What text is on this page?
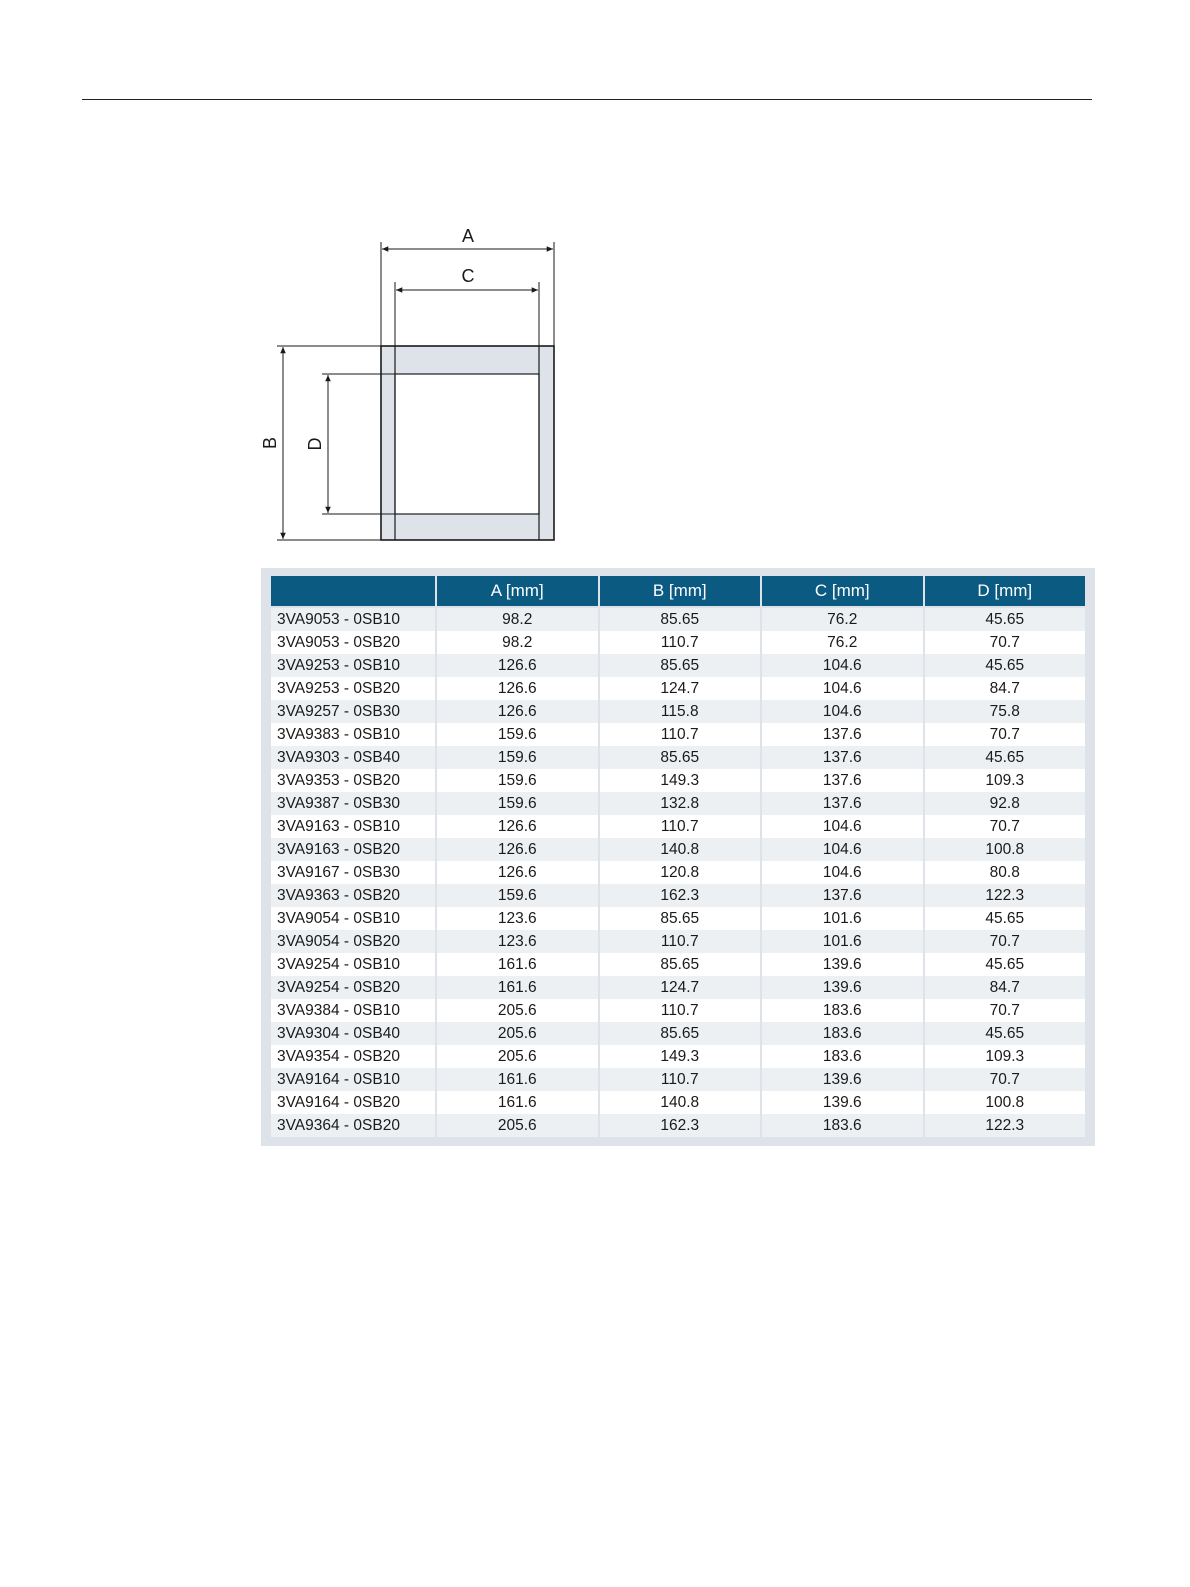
A
C
B D
	A [mm]	B [mm]	C [mm]	D [mm]
3VA9053 - 0SB10	98.2	85.65	76.2	45.65
3VA9053 - 0SB20	98.2	110.7	76.2	70.7
3VA9253 - 0SB10	126.6	85.65	104.6	45.65
3VA9253 - 0SB20	126.6	124.7	104.6	84.7
3VA9257 - 0SB30	126.6	115.8	104.6	75.8
3VA9383 - 0SB10	159.6	110.7	137.6	70.7
3VA9303 - 0SB40	159.6	85.65	137.6	45.65
3VA9353 - 0SB20	159.6	149.3	137.6	109.3
3VA9387 - 0SB30	159.6	132.8	137.6	92.8
3VA9163 - 0SB10	126.6	110.7	104.6	70.7
3VA9163 - 0SB20	126.6	140.8	104.6	100.8
3VA9167 - 0SB30	126.6	120.8	104.6	80.8
3VA9363 - 0SB20	159.6	162.3	137.6	122.3
3VA9054 - 0SB10	123.6	85.65	101.6	45.65
3VA9054 - 0SB20	123.6	110.7	101.6	70.7
3VA9254 - 0SB10	161.6	85.65	139.6	45.65
3VA9254 - 0SB20	161.6	124.7	139.6	84.7
3VA9384 - 0SB10	205.6	110.7	183.6	70.7
3VA9304 - 0SB40	205.6	85.65	183.6	45.65
3VA9354 - 0SB20	205.6	149.3	183.6	109.3
3VA9164 - 0SB10	161.6	110.7	139.6	70.7
3VA9164 - 0SB20	161.6	140.8	139.6	100.8
3VA9364 - 0SB20	205.6	162.3	183.6	122.3
